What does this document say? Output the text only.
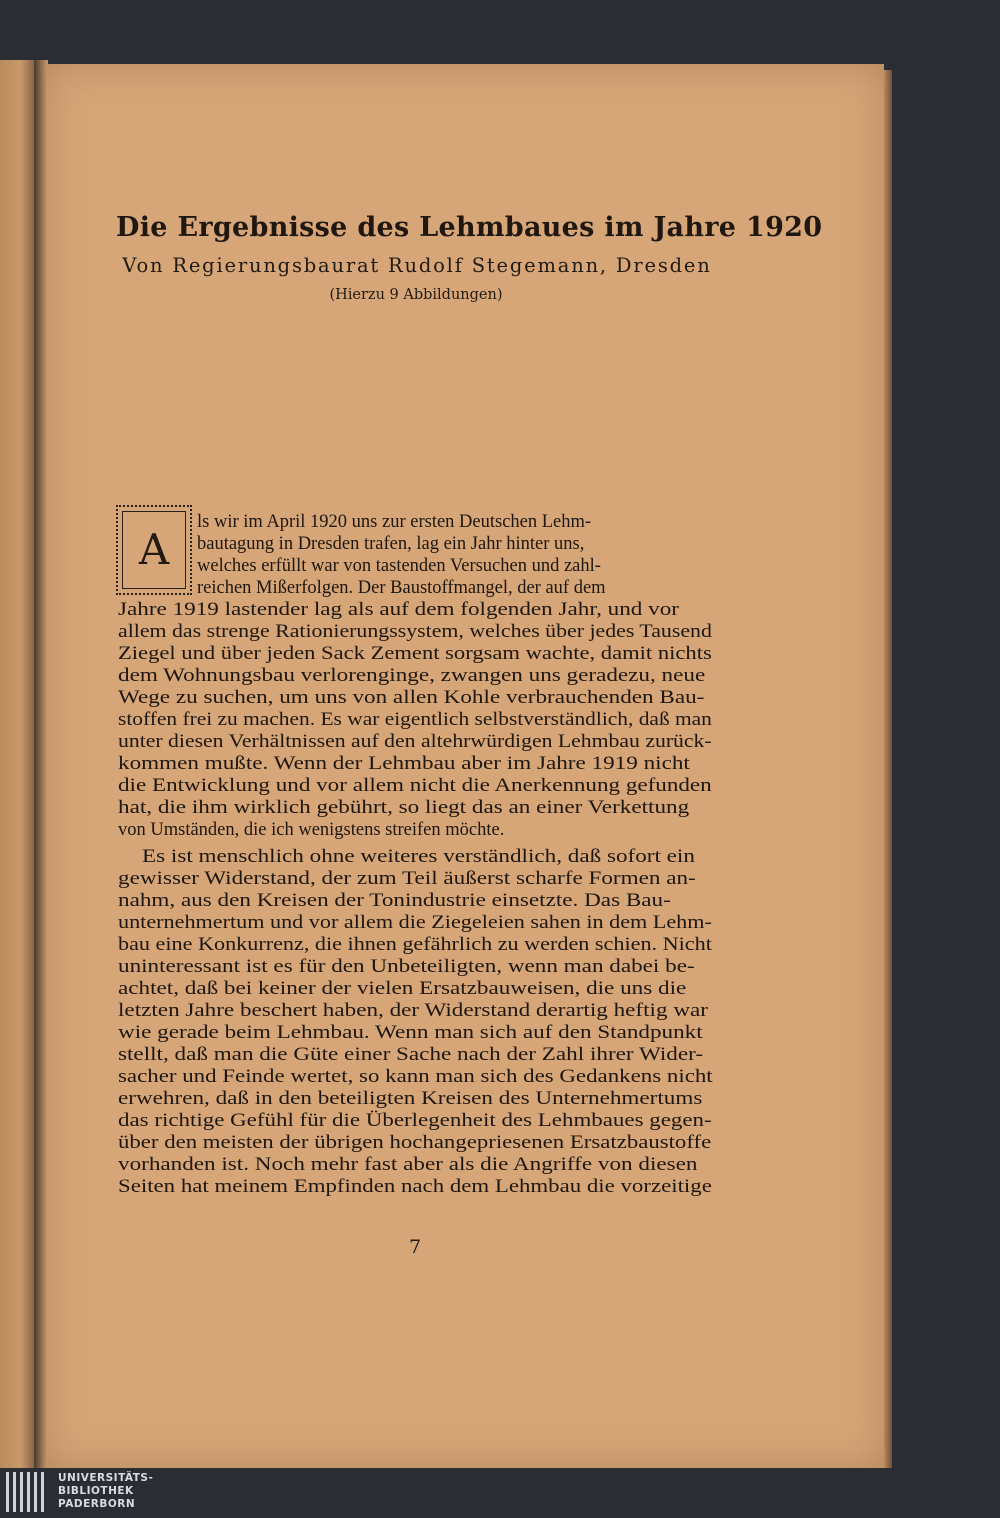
Die Ergebnisse des Lehmbaues im Jahre 1920
Von Regierungsbaurat Rudolf Stegemann, Dresden
(Hierzu 9 Abbildungen)
A
ls wir im April 1920 uns zur ersten Deutschen Lehm-
bautagung in Dresden trafen, lag ein Jahr hinter uns,
welches erfüllt war von tastenden Versuchen und zahl-
reichen Mißerfolgen. Der Baustoffmangel, der auf dem
Jahre 1919 lastender lag als auf dem folgenden Jahr, und vor
allem das strenge Rationierungssystem, welches über jedes Tausend
Ziegel und über jeden Sack Zement sorgsam wachte, damit nichts
dem Wohnungsbau verlorenginge, zwangen uns geradezu, neue
Wege zu suchen, um uns von allen Kohle verbrauchenden Bau-
stoffen frei zu machen. Es war eigentlich selbstverständlich, daß man
unter diesen Verhältnissen auf den altehrwürdigen Lehmbau zurück-
kommen mußte. Wenn der Lehmbau aber im Jahre 1919 nicht
die Entwicklung und vor allem nicht die Anerkennung gefunden
hat, die ihm wirklich gebührt, so liegt das an einer Verkettung
von Umständen, die ich wenigstens streifen möchte.
Es ist menschlich ohne weiteres verständlich, daß sofort ein
gewisser Widerstand, der zum Teil äußerst scharfe Formen an-
nahm, aus den Kreisen der Tonindustrie einsetzte. Das Bau-
unternehmertum und vor allem die Ziegeleien sahen in dem Lehm-
bau eine Konkurrenz, die ihnen gefährlich zu werden schien. Nicht
uninteressant ist es für den Unbeteiligten, wenn man dabei be-
achtet, daß bei keiner der vielen Ersatzbauweisen, die uns die
letzten Jahre beschert haben, der Widerstand derartig heftig war
wie gerade beim Lehmbau. Wenn man sich auf den Standpunkt
stellt, daß man die Güte einer Sache nach der Zahl ihrer Wider-
sacher und Feinde wertet, so kann man sich des Gedankens nicht
erwehren, daß in den beteiligten Kreisen des Unternehmertums
das richtige Gefühl für die Überlegenheit des Lehmbaues gegen-
über den meisten der übrigen hochangepriesenen Ersatzbaustoffe
vorhanden ist. Noch mehr fast aber als die Angriffe von diesen
Seiten hat meinem Empfinden nach dem Lehmbau die vorzeitige
7
UNIVERSITÄTS-
BIBLIOTHEK
PADERBORN
